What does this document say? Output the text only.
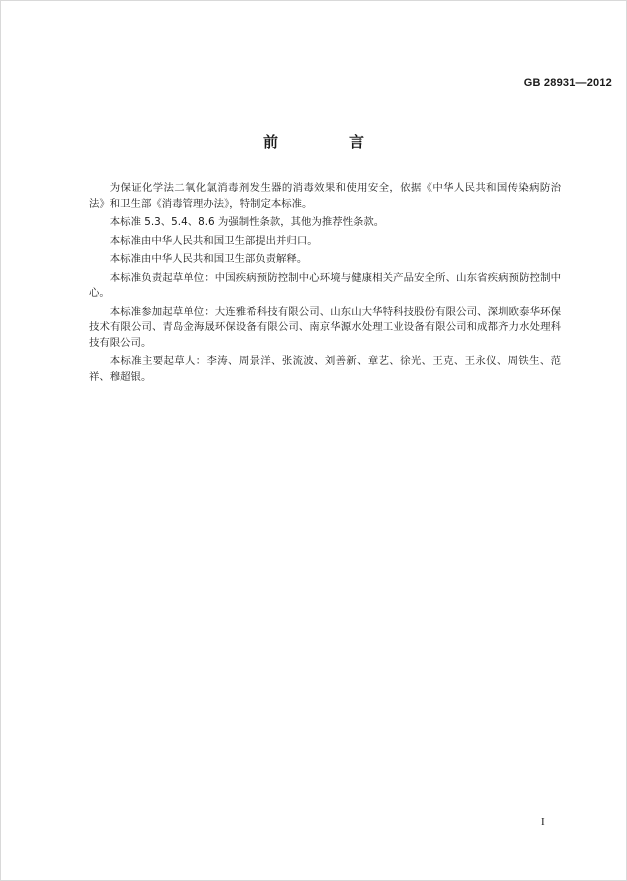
GB 28931—2012
前　言

为保证化学法二氧化氯消毒剂发生器的消毒效果和使用安全，依据《中华人民共和国传染病防治法》和卫生部《消毒管理办法》，特制定本标准。

本标准 5.3、5.4、8.6 为强制性条款，其他为推荐性条款。

本标准由中华人民共和国卫生部提出并归口。

本标准由中华人民共和国卫生部负责解释。

本标准负责起草单位：中国疾病预防控制中心环境与健康相关产品安全所、山东省疾病预防控制中心。

本标准参加起草单位：大连雅希科技有限公司、山东山大华特科技股份有限公司、深圳欧泰华环保技术有限公司、青岛金海晟环保设备有限公司、南京华源水处理工业设备有限公司和成都齐力水处理科技有限公司。

本标准主要起草人：李涛、周景洋、张流波、刘善新、章艺、徐光、王克、王永仪、周铁生、范祥、穆超银。

I
